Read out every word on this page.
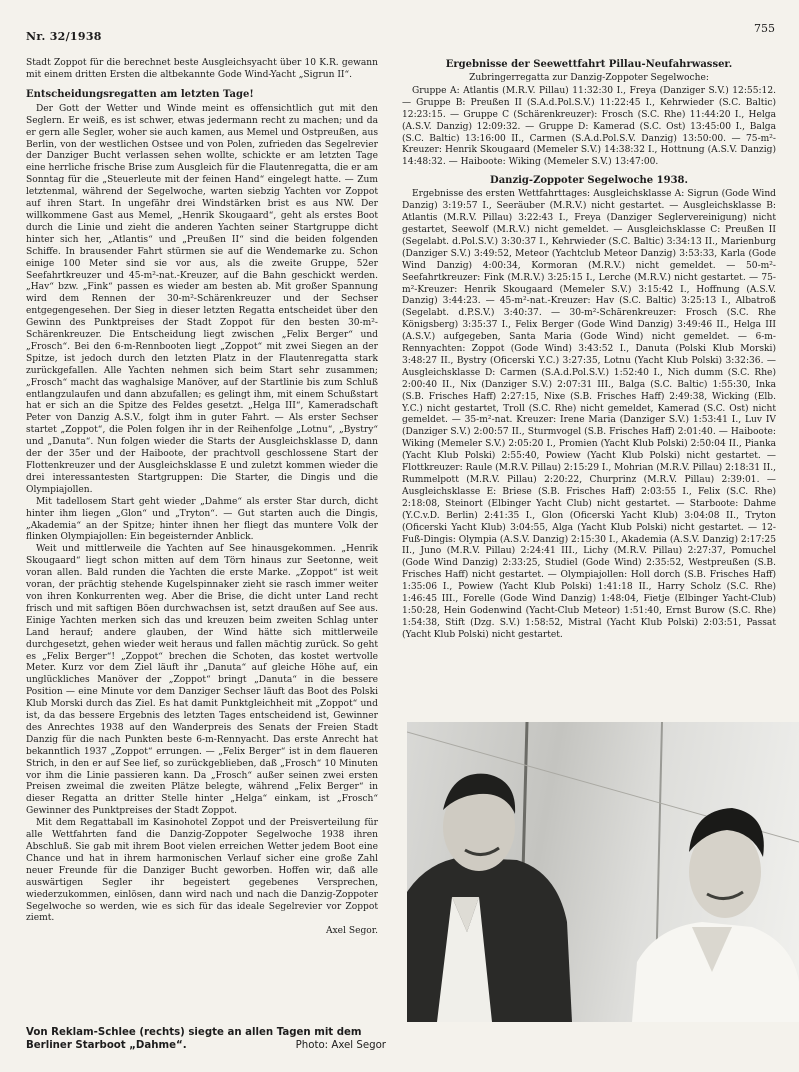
Nr. 32/1938
755

Stadt Zoppot für die berechnet beste Ausgleichsyacht über 10 K.R. gewann mit einem dritten Ersten die altbekannte Gode Wind-Yacht „Sigrun II“.

Entscheidungsregatten am letzten Tage!

Der Gott der Wetter und Winde meint es offensichtlich gut mit den Seglern. Er weiß, es ist schwer, etwas jedermann recht zu machen; und da er gern alle Segler, woher sie auch kamen, aus Memel und Ostpreußen, aus Berlin, von der westlichen Ostsee und von Polen, zufrieden das Segelrevier der Danziger Bucht verlassen sehen wollte, schickte er am letzten Tage eine herrliche frische Brise zum Ausgleich für die Flautenregatta, die er am Sonntag für die „Steuerleute mit der feinen Hand“ eingelegt hatte. — Zum letztenmal, während der Segelwoche, warten siebzig Yachten vor Zoppot auf ihren Start. In ungefähr drei Windstärken brist es aus NW. Der willkommene Gast aus Memel, „Henrik Skougaard“, geht als erstes Boot durch die Linie und zieht die anderen Yachten seiner Startgruppe dicht hinter sich her, „Atlantis“ und „Preußen II“ sind die beiden folgenden Schiffe. In brausender Fahrt stürmen sie auf die Wendemarke zu. Schon einige 100 Meter sind sie vor aus, als die zweite Gruppe, 52er Seefahrtkreuzer und 45-m²-nat.-Kreuzer, auf die Bahn geschickt werden. „Hav“ bzw. „Fink“ passen es wieder am besten ab. Mit großer Spannung wird dem Rennen der 30-m²-Schärenkreuzer und der Sechser entgegengesehen. Der Sieg in dieser letzten Regatta entscheidet über den Gewinn des Punktpreises der Stadt Zoppot für den besten 30-m²-Schärenkreuzer. Die Entscheidung liegt zwischen „Felix Berger“ und „Frosch“. Bei den 6-m-Rennbooten liegt „Zoppot“ mit zwei Siegen an der Spitze, ist jedoch durch den letzten Platz in der Flautenregatta stark zurückgefallen. Alle Yachten nehmen sich beim Start sehr zusammen; „Frosch“ macht das waghalsige Manöver, auf der Startlinie bis zum Schluß entlangzulaufen und dann abzufallen; es gelingt ihm, mit einem Schußstart hat er sich an die Spitze des Feldes gesetzt. „Helga III“, Kameradschaft Peter von Danzig A.S.V., folgt ihm in guter Fahrt. — Als erster Sechser startet „Zoppot“, die Polen folgen ihr in der Reihenfolge „Lotnu“, „Bystry“ und „Danuta“. Nun folgen wieder die Starts der Ausgleichsklasse D, dann der der 35er und der Haiboote, der prachtvoll geschlossene Start der Flottenkreuzer und der Ausgleichsklasse E und zuletzt kommen wieder die drei interessantesten Startgruppen: Die Starter, die Dingis und die Olympiajollen.

Mit tadellosem Start geht wieder „Dahme“ als erster Star durch, dicht hinter ihm liegen „Glon“ und „Tryton“. — Gut starten auch die Dingis, „Akademia“ an der Spitze; hinter ihnen her fliegt das muntere Volk der flinken Olympiajollen: Ein begeisternder Anblick.

Weit und mittlerweile die Yachten auf See hinausgekommen. „Henrik Skougaard“ liegt schon mitten auf dem Törn hinaus zur Seetonne, weit voran allen. Bald runden die Yachten die erste Marke. „Zoppot“ ist weit voran, der prächtig stehende Kugelspinnaker zieht sie rasch immer weiter von ihren Konkurrenten weg. Aber die Brise, die dicht unter Land recht frisch und mit saftigen Böen durchwachsen ist, setzt draußen auf See aus. Einige Yachten merken sich das und kreuzen beim zweiten Schlag unter Land herauf; andere glauben, der Wind hätte sich mittlerweile durchgesetzt, gehen wieder weit heraus und fallen mächtig zurück. So geht es „Felix Berger“! „Zoppot“ brechen die Schoten, das kostet wertvolle Meter. Kurz vor dem Ziel läuft ihr „Danuta“ auf gleiche Höhe auf, ein unglückliches Manöver der „Zoppot“ bringt „Danuta“ in die bessere Position — eine Minute vor dem Danziger Sechser läuft das Boot des Polski Klub Morski durch das Ziel. Es hat damit Punktgleichheit mit „Zoppot“ und ist, da das bessere Ergebnis des letzten Tages entscheidend ist, Gewinner des Anrechtes 1938 auf den Wanderpreis des Senats der Freien Stadt Danzig für die nach Punkten beste 6-m-Rennyacht. Das erste Anrecht hat bekanntlich 1937 „Zoppot“ errungen. — „Felix Berger“ ist in dem flaueren Strich, in den er auf See lief, so zurückgeblieben, daß „Frosch“ 10 Minuten vor ihm die Linie passieren kann. Da „Frosch“ außer seinen zwei ersten Preisen zweimal die zweiten Plätze belegte, während „Felix Berger“ in dieser Regatta an dritter Stelle hinter „Helga“ einkam, ist „Frosch“ Gewinner des Punktpreises der Stadt Zoppot.

Mit dem Regattaball im Kasinohotel Zoppot und der Preisverteilung für alle Wettfahrten fand die Danzig-Zoppoter Segelwoche 1938 ihren Abschluß. Sie gab mit ihrem Boot vielen erreichen Wetter jedem Boot eine Chance und hat in ihrem harmonischen Verlauf sicher eine große Zahl neuer Freunde für die Danziger Bucht geworben. Hoffen wir, daß alle auswärtigen Segler ihr begeistert gegebenes Versprechen, wiederzukommen, einlösen, dann wird nach und nach die Danzig-Zoppoter Segelwoche so werden, wie es sich für das ideale Segelrevier vor Zoppot ziemt.

Axel Segor.
Ergebnisse der Seewettfahrt Pillau-Neufahrwasser.
Zubringerregatta zur Danzig-Zoppoter Segelwoche:

Gruppe A: Atlantis (M.R.V. Pillau) 11:32:30 I., Freya (Danziger S.V.) 12:55:12. — Gruppe B: Preußen II (S.A.d.Pol.S.V.) 11:22:45 I., Kehrwieder (S.C. Baltic) 12:23:15. — Gruppe C (Schärenkreuzer): Frosch (S.C. Rhe) 11:44:20 I., Helga (A.S.V. Danzig) 12:09:32. — Gruppe D: Kamerad (S.C. Ost) 13:45:00 I., Balga (S.C. Baltic) 13:16:00 II., Carmen (S.A.d.Pol.S.V. Danzig) 13:50:00. — 75-m²-Kreuzer: Henrik Skougaard (Memeler S.V.) 14:38:32 I., Hottnung (A.S.V. Danzig) 14:48:32. — Haiboote: Wiking (Memeler S.V.) 13:47:00.

Danzig-Zoppoter Segelwoche 1938.

Ergebnisse des ersten Wettfahrttages: Ausgleichsklasse A: Sigrun (Gode Wind Danzig) 3:19:57 I., Seeräuber (M.R.V.) nicht gestartet. — Ausgleichsklasse B: Atlantis (M.R.V. Pillau) 3:22:43 I., Freya (Danziger Seglervereinigung) nicht gestartet, Seewolf (M.R.V.) nicht gemeldet. — Ausgleichsklasse C: Preußen II (Segelabt. d.Pol.S.V.) 3:30:37 I., Kehrwieder (S.C. Baltic) 3:34:13 II., Marienburg (Danziger S.V.) 3:49:52, Meteor (Yachtclub Meteor Danzig) 3:53:33, Karla (Gode Wind Danzig) 4:00:34, Kormoran (M.R.V.) nicht gemeldet. — 50-m²-Seefahrtkreuzer: Fink (M.R.V.) 3:25:15 I., Lerche (M.R.V.) nicht gestartet. — 75-m²-Kreuzer: Henrik Skougaard (Memeler S.V.) 3:15:42 I., Hoffnung (A.S.V. Danzig) 3:44:23. — 45-m²-nat.-Kreuzer: Hav (S.C. Baltic) 3:25:13 I., Albatroß (Segelabt. d.P.S.V.) 3:40:37. — 30-m²-Schärenkreuzer: Frosch (S.C. Rhe Königsberg) 3:35:37 I., Felix Berger (Gode Wind Danzig) 3:49:46 II., Helga III (A.S.V.) aufgegeben, Santa Maria (Gode Wind) nicht gemeldet. — 6-m-Rennyachten: Zoppot (Gode Wind) 3:43:52 I., Danuta (Polski Klub Morski) 3:48:27 II., Bystry (Oficerski Y.C.) 3:27:35, Lotnu (Yacht Klub Polski) 3:32:36. — Ausgleichsklasse D: Carmen (S.A.d.Pol.S.V.) 1:52:40 I., Nich dumm (S.C. Rhe) 2:00:40 II., Nix (Danziger S.V.) 2:07:31 III., Balga (S.C. Baltic) 1:55:30, Inka (S.B. Frisches Haff) 2:27:15, Nixe (S.B. Frisches Haff) 2:49:38, Wicking (Elb. Y.C.) nicht gestartet, Troll (S.C. Rhe) nicht gemeldet, Kamerad (S.C. Ost) nicht gemeldet. — 35-m²-nat. Kreuzer: Irene Maria (Danziger S.V.) 1:53:41 I., Luv IV (Danziger S.V.) 2:00:57 II., Sturmvogel (S.B. Frisches Haff) 2:01:40. — Haiboote: Wiking (Memeler S.V.) 2:05:20 I., Promien (Yacht Klub Polski) 2:50:04 II., Pianka (Yacht Klub Polski) 2:55:40, Powiew (Yacht Klub Polski) nicht gestartet. — Flottkreuzer: Raule (M.R.V. Pillau) 2:15:29 I., Mohrian (M.R.V. Pillau) 2:18:31 II., Rummelpott (M.R.V. Pillau) 2:20:22, Churprinz (M.R.V. Pillau) 2:39:01. — Ausgleichsklasse E: Briese (S.B. Frisches Haff) 2:03:55 I., Felix (S.C. Rhe) 2:18:08, Steinort (Elbinger Yacht Club) nicht gestartet. — Starboote: Dahme (Y.C.v.D. Berlin) 2:41:35 I., Glon (Oficerski Yacht Klub) 3:04:08 II., Tryton (Oficerski Yacht Klub) 3:04:55, Alga (Yacht Klub Polski) nicht gestartet. — 12-Fuß-Dingis: Olympia (A.S.V. Danzig) 2:15:30 I., Akademia (A.S.V. Danzig) 2:17:25 II., Juno (M.R.V. Pillau) 2:24:41 III., Lichy (M.R.V. Pillau) 2:27:37, Pomuchel (Gode Wind Danzig) 2:33:25, Studiel (Gode Wind) 2:35:52, Westpreußen (S.B. Frisches Haff) nicht gestartet. — Olympiajollen: Holl dorch (S.B. Frisches Haff) 1:35:06 I., Powiew (Yacht Klub Polski) 1:41:18 II., Harry Scholz (S.C. Rhe) 1:46:45 III., Forelle (Gode Wind Danzig) 1:48:04, Fietje (Elbinger Yacht-Club) 1:50:28, Hein Godenwind (Yacht-Club Meteor) 1:51:40, Ernst Burow (S.C. Rhe) 1:54:38, Stift (Dzg. S.V.) 1:58:52, Mistral (Yacht Klub Polski) 2:03:51, Passat (Yacht Klub Polski) nicht gestartet.

Von Reklam-Schlee (rechts) siegte an allen Tagen mit dem Berliner Starboot „Dahme“.	Photo: Axel Segor
